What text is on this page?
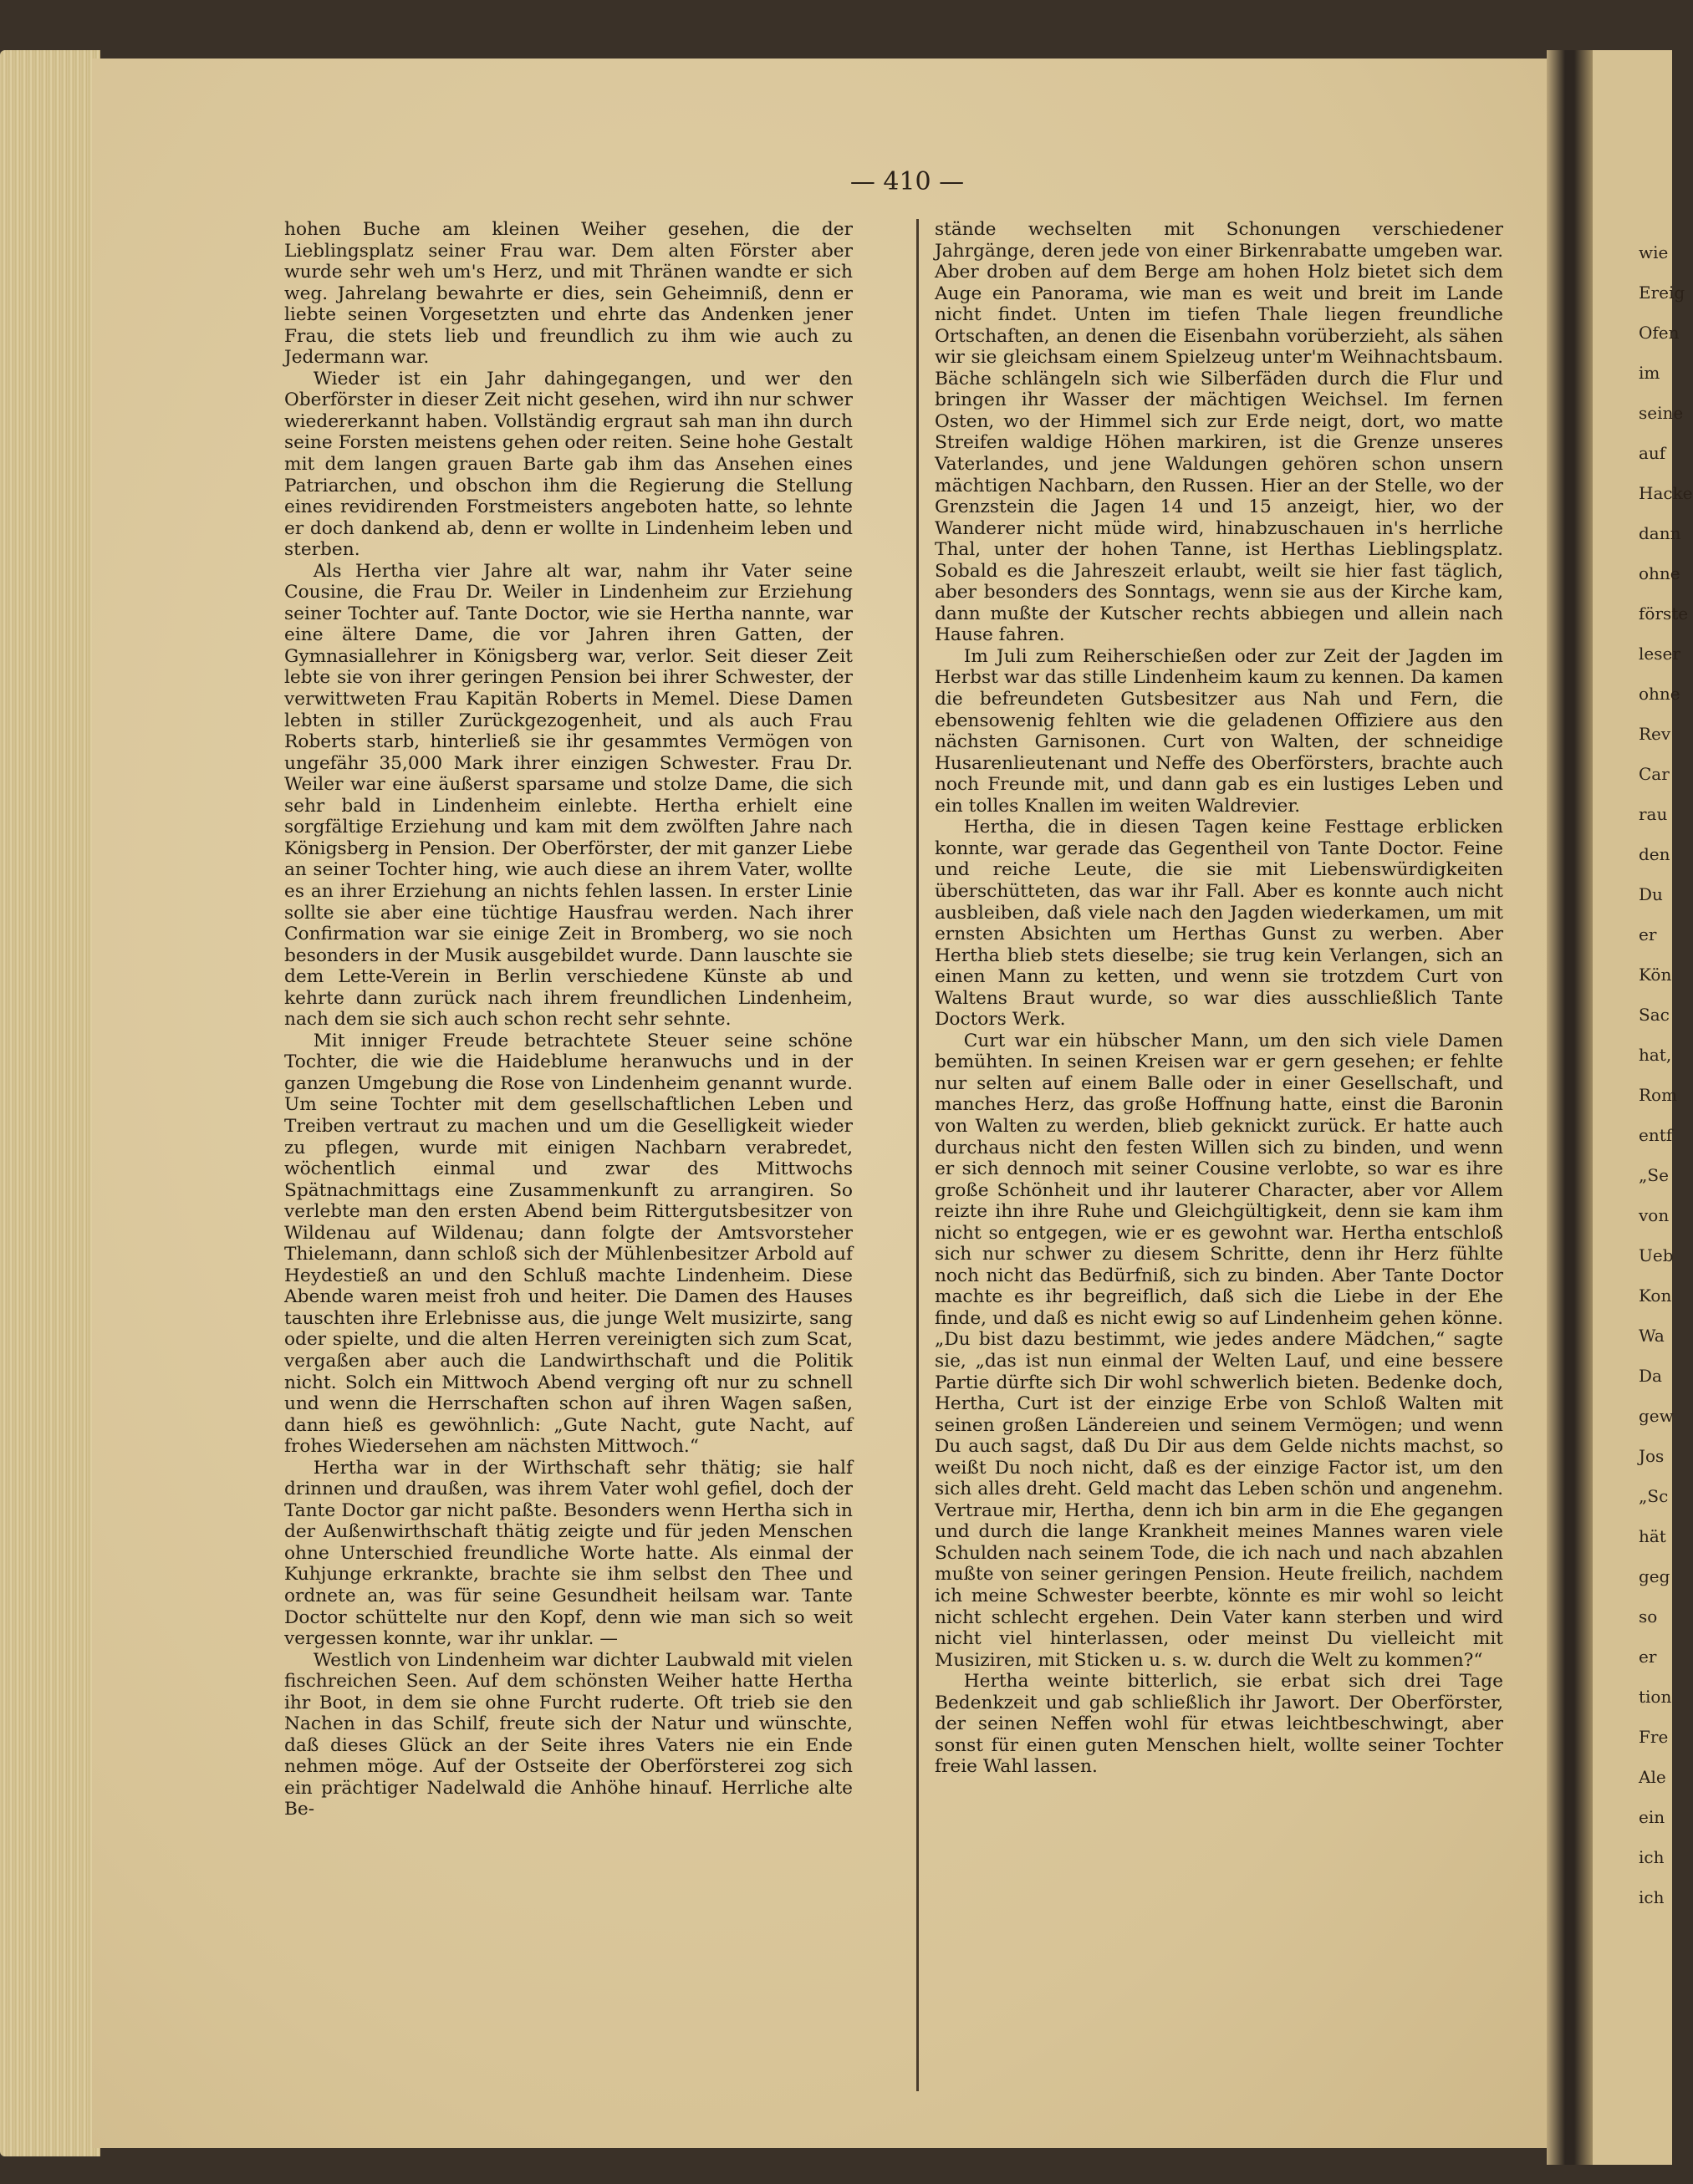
— 410 —

hohen Buche am kleinen Weiher gesehen, die der Lieblingsplatz seiner Frau war. Dem alten Förster aber wurde sehr weh um's Herz, und mit Thränen wandte er sich weg. Jahrelang bewahrte er dies, sein Geheimniß, denn er liebte seinen Vorgesetzten und ehrte das Andenken jener Frau, die stets lieb und freundlich zu ihm wie auch zu Jedermann war.

Wieder ist ein Jahr dahingegangen, und wer den Oberförster in dieser Zeit nicht gesehen, wird ihn nur schwer wiedererkannt haben. Vollständig ergraut sah man ihn durch seine Forsten meistens gehen oder reiten. Seine hohe Gestalt mit dem langen grauen Barte gab ihm das Ansehen eines Patriarchen, und obschon ihm die Regierung die Stellung eines revidirenden Forstmeisters angeboten hatte, so lehnte er doch dankend ab, denn er wollte in Lindenheim leben und sterben.

Als Hertha vier Jahre alt war, nahm ihr Vater seine Cousine, die Frau Dr. Weiler in Lindenheim zur Erziehung seiner Tochter auf. Tante Doctor, wie sie Hertha nannte, war eine ältere Dame, die vor Jahren ihren Gatten, der Gymnasiallehrer in Königsberg war, verlor. Seit dieser Zeit lebte sie von ihrer geringen Pension bei ihrer Schwester, der verwittweten Frau Kapitän Roberts in Memel. Diese Damen lebten in stiller Zurückgezogenheit, und als auch Frau Roberts starb, hinterließ sie ihr gesammtes Vermögen von ungefähr 35,000 Mark ihrer einzigen Schwester. Frau Dr. Weiler war eine äußerst sparsame und stolze Dame, die sich sehr bald in Lindenheim einlebte. Hertha erhielt eine sorgfältige Erziehung und kam mit dem zwölften Jahre nach Königsberg in Pension. Der Oberförster, der mit ganzer Liebe an seiner Tochter hing, wie auch diese an ihrem Vater, wollte es an ihrer Erziehung an nichts fehlen lassen. In erster Linie sollte sie aber eine tüchtige Hausfrau werden. Nach ihrer Confirmation war sie einige Zeit in Bromberg, wo sie noch besonders in der Musik ausgebildet wurde. Dann lauschte sie dem Lette-Verein in Berlin verschiedene Künste ab und kehrte dann zurück nach ihrem freundlichen Lindenheim, nach dem sie sich auch schon recht sehr sehnte.

Mit inniger Freude betrachtete Steuer seine schöne Tochter, die wie die Haideblume heranwuchs und in der ganzen Umgebung die Rose von Lindenheim genannt wurde. Um seine Tochter mit dem gesellschaftlichen Leben und Treiben vertraut zu machen und um die Geselligkeit wieder zu pflegen, wurde mit einigen Nachbarn verabredet, wöchentlich einmal und zwar des Mittwochs Spätnachmittags eine Zusammenkunft zu arrangiren. So verlebte man den ersten Abend beim Rittergutsbesitzer von Wildenau auf Wildenau; dann folgte der Amtsvorsteher Thielemann, dann schloß sich der Mühlenbesitzer Arbold auf Heydestieß an und den Schluß machte Lindenheim. Diese Abende waren meist froh und heiter. Die Damen des Hauses tauschten ihre Erlebnisse aus, die junge Welt musizirte, sang oder spielte, und die alten Herren vereinigten sich zum Scat, vergaßen aber auch die Landwirthschaft und die Politik nicht. Solch ein Mittwoch Abend verging oft nur zu schnell und wenn die Herrschaften schon auf ihren Wagen saßen, dann hieß es gewöhnlich: „Gute Nacht, gute Nacht, auf frohes Wiedersehen am nächsten Mittwoch.“

Hertha war in der Wirthschaft sehr thätig; sie half drinnen und draußen, was ihrem Vater wohl gefiel, doch der Tante Doctor gar nicht paßte. Besonders wenn Hertha sich in der Außenwirthschaft thätig zeigte und für jeden Menschen ohne Unterschied freundliche Worte hatte. Als einmal der Kuhjunge erkrankte, brachte sie ihm selbst den Thee und ordnete an, was für seine Gesundheit heilsam war. Tante Doctor schüttelte nur den Kopf, denn wie man sich so weit vergessen konnte, war ihr unklar. —

Westlich von Lindenheim war dichter Laubwald mit vielen fischreichen Seen. Auf dem schönsten Weiher hatte Hertha ihr Boot, in dem sie ohne Furcht ruderte. Oft trieb sie den Nachen in das Schilf, freute sich der Natur und wünschte, daß dieses Glück an der Seite ihres Vaters nie ein Ende nehmen möge. Auf der Ostseite der Oberförsterei zog sich ein prächtiger Nadelwald die Anhöhe hinauf. Herrliche alte Be-

stände wechselten mit Schonungen verschiedener Jahrgänge, deren jede von einer Birkenrabatte umgeben war. Aber droben auf dem Berge am hohen Holz bietet sich dem Auge ein Panorama, wie man es weit und breit im Lande nicht findet. Unten im tiefen Thale liegen freundliche Ortschaften, an denen die Eisenbahn vorüberzieht, als sähen wir sie gleichsam einem Spielzeug unter'm Weihnachtsbaum. Bäche schlängeln sich wie Silberfäden durch die Flur und bringen ihr Wasser der mächtigen Weichsel. Im fernen Osten, wo der Himmel sich zur Erde neigt, dort, wo matte Streifen waldige Höhen markiren, ist die Grenze unseres Vaterlandes, und jene Waldungen gehören schon unsern mächtigen Nachbarn, den Russen. Hier an der Stelle, wo der Grenzstein die Jagen 14 und 15 anzeigt, hier, wo der Wanderer nicht müde wird, hinabzuschauen in's herrliche Thal, unter der hohen Tanne, ist Herthas Lieblingsplatz. Sobald es die Jahreszeit erlaubt, weilt sie hier fast täglich, aber besonders des Sonntags, wenn sie aus der Kirche kam, dann mußte der Kutscher rechts abbiegen und allein nach Hause fahren.

Im Juli zum Reiherschießen oder zur Zeit der Jagden im Herbst war das stille Lindenheim kaum zu kennen. Da kamen die befreundeten Gutsbesitzer aus Nah und Fern, die ebensowenig fehlten wie die geladenen Offiziere aus den nächsten Garnisonen. Curt von Walten, der schneidige Husarenlieutenant und Neffe des Oberförsters, brachte auch noch Freunde mit, und dann gab es ein lustiges Leben und ein tolles Knallen im weiten Waldrevier.

Hertha, die in diesen Tagen keine Festtage erblicken konnte, war gerade das Gegentheil von Tante Doctor. Feine und reiche Leute, die sie mit Liebenswürdigkeiten überschütteten, das war ihr Fall. Aber es konnte auch nicht ausbleiben, daß viele nach den Jagden wiederkamen, um mit ernsten Absichten um Herthas Gunst zu werben. Aber Hertha blieb stets dieselbe; sie trug kein Verlangen, sich an einen Mann zu ketten, und wenn sie trotzdem Curt von Waltens Braut wurde, so war dies ausschließlich Tante Doctors Werk.

Curt war ein hübscher Mann, um den sich viele Damen bemühten. In seinen Kreisen war er gern gesehen; er fehlte nur selten auf einem Balle oder in einer Gesellschaft, und manches Herz, das große Hoffnung hatte, einst die Baronin von Walten zu werden, blieb geknickt zurück. Er hatte auch durchaus nicht den festen Willen sich zu binden, und wenn er sich dennoch mit seiner Cousine verlobte, so war es ihre große Schönheit und ihr lauterer Character, aber vor Allem reizte ihn ihre Ruhe und Gleichgültigkeit, denn sie kam ihm nicht so entgegen, wie er es gewohnt war. Hertha entschloß sich nur schwer zu diesem Schritte, denn ihr Herz fühlte noch nicht das Bedürfniß, sich zu binden. Aber Tante Doctor machte es ihr begreiflich, daß sich die Liebe in der Ehe finde, und daß es nicht ewig so auf Lindenheim gehen könne. „Du bist dazu bestimmt, wie jedes andere Mädchen,“ sagte sie, „das ist nun einmal der Welten Lauf, und eine bessere Partie dürfte sich Dir wohl schwerlich bieten. Bedenke doch, Hertha, Curt ist der einzige Erbe von Schloß Walten mit seinen großen Ländereien und seinem Vermögen; und wenn Du auch sagst, daß Du Dir aus dem Gelde nichts machst, so weißt Du noch nicht, daß es der einzige Factor ist, um den sich alles dreht. Geld macht das Leben schön und angenehm. Vertraue mir, Hertha, denn ich bin arm in die Ehe gegangen und durch die lange Krankheit meines Mannes waren viele Schulden nach seinem Tode, die ich nach und nach abzahlen mußte von seiner geringen Pension. Heute freilich, nachdem ich meine Schwester beerbte, könnte es mir wohl so leicht nicht schlecht ergehen. Dein Vater kann sterben und wird nicht viel hinterlassen, oder meinst Du vielleicht mit Musiziren, mit Sticken u. s. w. durch die Welt zu kommen?“

Hertha weinte bitterlich, sie erbat sich drei Tage Bedenkzeit und gab schließlich ihr Jawort. Der Oberförster, der seinen Neffen wohl für etwas leichtbeschwingt, aber sonst für einen guten Menschen hielt, wollte seiner Tochter freie Wahl lassen.

wie
Ereig
Ofen
im
seine
auf
Hacke
dann
ohne
förste
leser
ohne
Rev
Car
rau
den
Du
er
Kön
Sac
hat,
Rom
entf
„Se
von
Ueb
Kon
Wa
Da
gew
Jos
„Sc
hät
geg
so
er
tion
Fre
Ale
ein
ich
ich
